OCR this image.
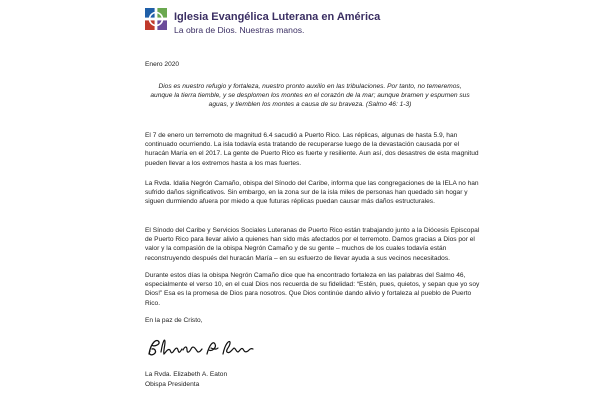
Iglesia Evangélica Luterana en América
La obra de Dios. Nuestras manos.
Enero 2020
Dios es nuestro refugio y fortaleza, nuestro pronto auxilio en las tribulaciones. Por tanto, no temeremos, aunque la tierra tiemble, y se desplomen los montes en el corazón de la mar; aunque bramen y espumen sus aguas, y tiemblen los montes a causa de su braveza. (Salmo 46: 1-3)
El 7 de enero un terremoto de magnitud 6.4 sacudió a Puerto Rico. Las réplicas, algunas de hasta 5.9, han continuado ocurriendo. La isla todavía esta tratando de recuperarse luego de la devastación causada por el huracán María en el 2017. La gente de Puerto Rico es fuerte y resiliente. Aun así, dos desastres de esta magnitud pueden llevar a los extremos hasta a los mas fuertes.
La Rvda. Idalia Negrón Camaño, obispa del Sínodo del Caribe, informa que las congregaciones de la IELA no han sufrido daños significativos. Sin embargo, en la zona sur de la isla miles de personas han quedado sin hogar y siguen durmiendo afuera por miedo a que futuras réplicas puedan causar más daños estructurales.
El Sínodo del Caribe y Servicios Sociales Luteranas de Puerto Rico están trabajando junto a la Diócesis Episcopal de Puerto Rico para llevar alivio a quienes han sido más afectados por el terremoto. Damos gracias a Dios por el valor y la compasión de la obispa Negrón Camaño y de su gente – muchos de los cuales todavía están reconstruyendo después del huracán María – en su esfuerzo de llevar ayuda a sus vecinos necesitados.
Durante estos días la obispa Negrón Camaño dice que ha encontrado fortaleza en las palabras del Salmo 46, especialmente el verso 10, en el cual Dios nos recuerda de su fidelidad: “Estén, pues, quietos, y sepan que yo soy Dios!” Esa es la promesa de Dios para nosotros. Que Dios continúe dando alivio y fortaleza al pueblo de Puerto Rico.
En la paz de Cristo,
La Rvda. Elizabeth A. Eaton
Obispa Presidenta
